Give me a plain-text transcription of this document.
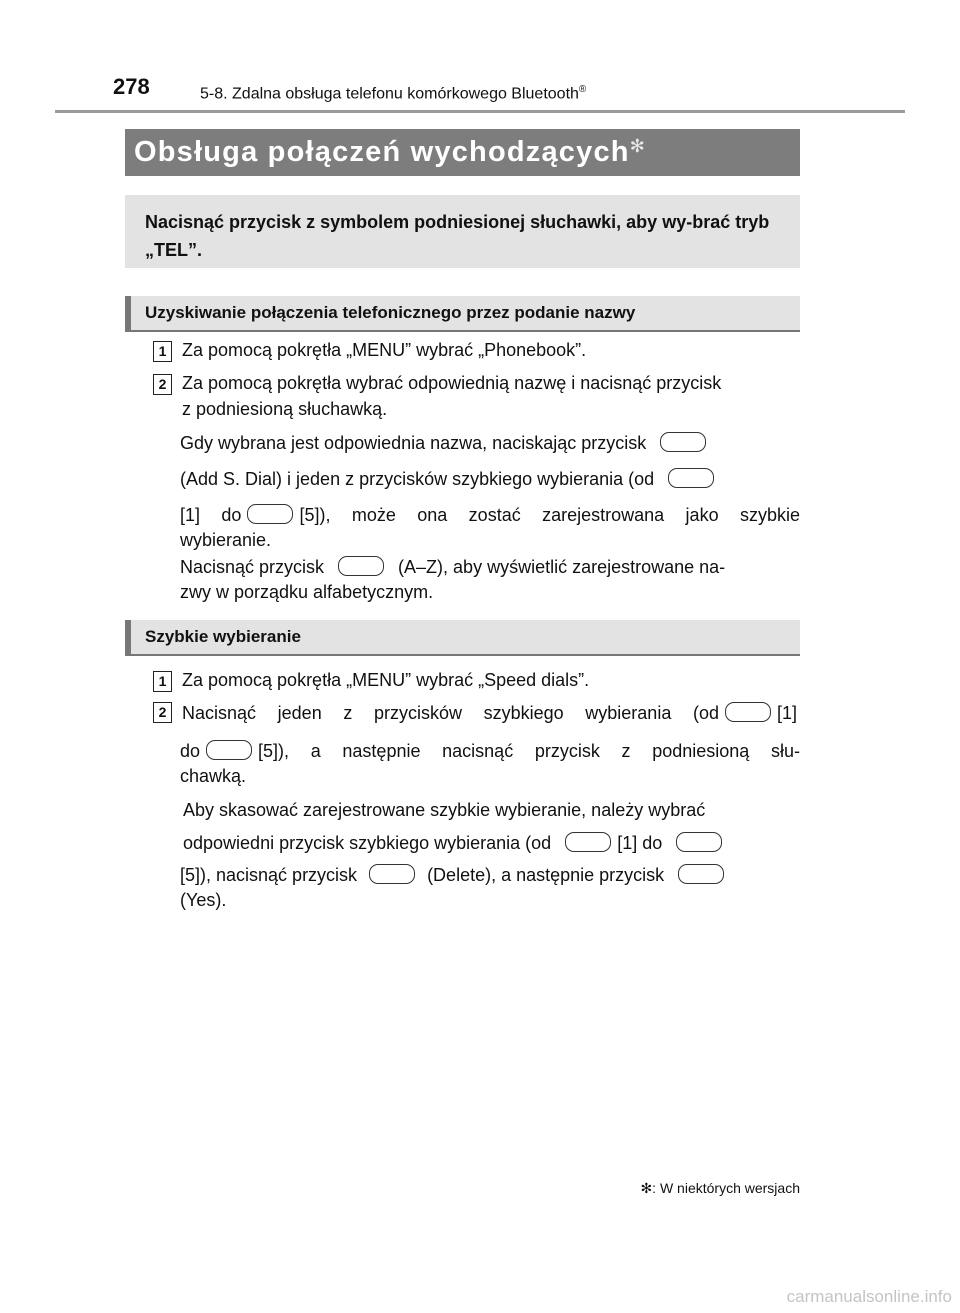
278	5-8. Zdalna obsługa telefonu komórkowego Bluetooth®
Obsługa połączeń wychodzących✻
Nacisnąć przycisk z symbolem podniesionej słuchawki, aby wy-brać tryb „TEL”.
Uzyskiwanie połączenia telefonicznego przez podanie nazwy
1 Za pomocą pokrętła „MENU” wybrać „Phonebook”.
2 Za pomocą pokrętła wybrać odpowiednią nazwę i nacisnąć przycisk
z podniesioną słuchawką.
Gdy wybrana jest odpowiednia nazwa, naciskając przycisk
(Add S. Dial) i jeden z przycisków szybkiego wybierania (od
[1] do	[5]), może ona zostać zarejestrowana jako szybkie
wybieranie.
Nacisnąć przycisk	(A–Z), aby wyświetlić zarejestrowane na-
zwy w porządku alfabetycznym.
Szybkie wybieranie
1 Za pomocą pokrętła „MENU” wybrać „Speed dials”.
2 Nacisnąć jeden z przycisków szybkiego wybierania (od	[1]
do	[5]), a następnie nacisnąć przycisk z podniesioną słu-
chawką.
Aby skasować zarejestrowane szybkie wybieranie, należy wybrać
odpowiedni przycisk szybkiego wybierania (od	[1] do
[5]), nacisnąć przycisk	(Delete), a następnie przycisk
(Yes).
✻: W niektórych wersjach
carmanualsonline.info
